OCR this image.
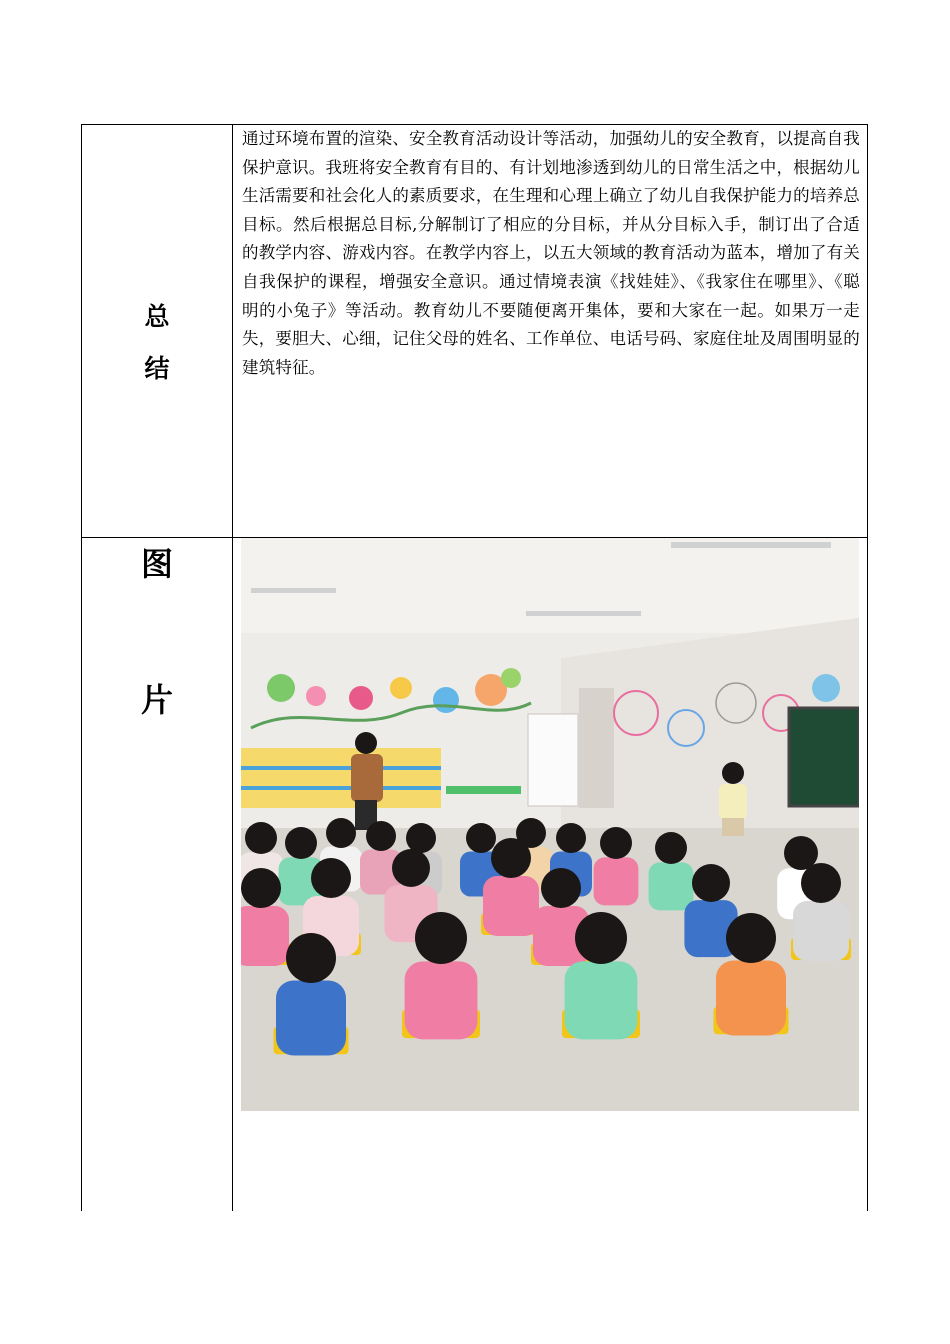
总
结

通过环境布置的渲染、安全教育活动设计等活动，加强幼儿的安全教育，以提高自我保护意识。我班将安全教育有目的、有计划地渗透到幼儿的日常生活之中，根据幼儿生活需要和社会化人的素质要求，在生理和心理上确立了幼儿自我保护能力的培养总目标。然后根据总目标,分解制订了相应的分目标，并从分目标入手，制订出了合适的教学内容、游戏内容。在教学内容上，以五大领域的教育活动为蓝本，增加了有关自我保护的课程，增强安全意识。通过情境表演《找娃娃》、《我家住在哪里》、《聪明的小兔子》等活动。教育幼儿不要随便离开集体，要和大家在一起。如果万一走失，要胆大、心细，记住父母的姓名、工作单位、电话号码、家庭住址及周围明显的建筑特征。

图
片
